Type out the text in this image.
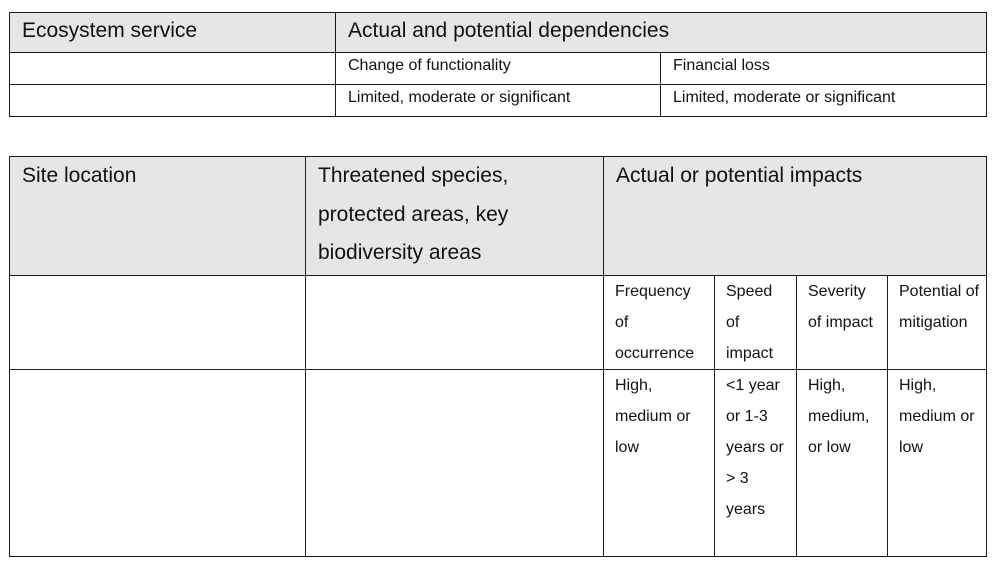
Ecosystem service	Actual and potential dependencies	
	Change of functionality	Financial loss
	Limited, moderate or significant	Limited, moderate or significant
Site location	Threatened species, protected areas, key biodiversity areas	Actual or potential impacts			
		Frequency of occurrence	Speed of impact	Severity of impact	Potential of mitigation
		High, medium or low	<1 year or 1-3 years or > 3 years	High, medium, or low	High, medium or low
